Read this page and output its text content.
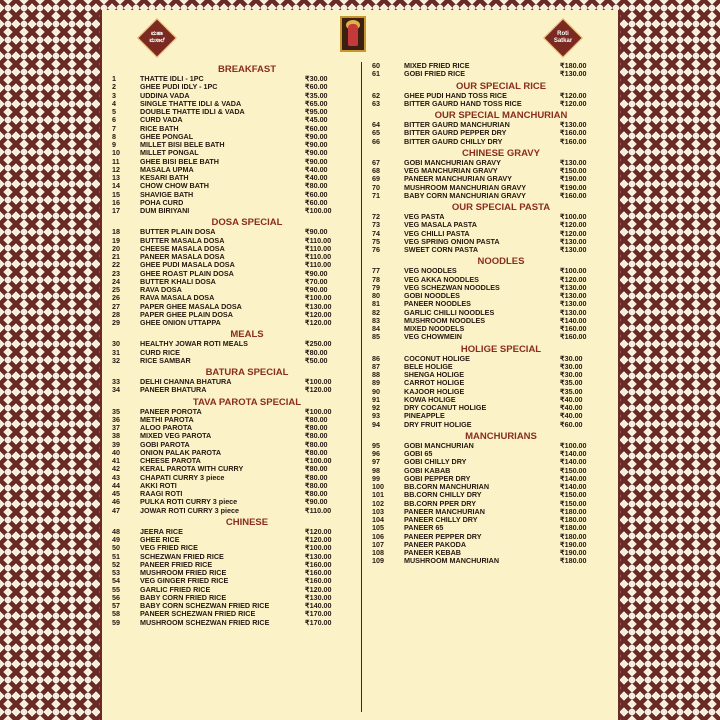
ಮಹಾ ಮಸಾಲೆ
Roti Satkar
BREAKFAST
1	THATTE IDLI - 1PC	₹30.00
2	GHEE PUDI IDLY - 1PC	₹60.00
3	UDDINA VADA	₹35.00
4	SINGLE THATTE IDLI & VADA	₹65.00
5	DOUBLE THATTE IDLI & VADA	₹95.00
6	CURD VADA	₹45.00
7	RICE BATH	₹60.00
8	GHEE PONGAL	₹90.00
9	MILLET BISI BELE BATH	₹90.00
10	MILLET PONGAL	₹90.00
11	GHEE BISI BELE BATH	₹90.00
12	MASALA UPMA	₹40.00
13	KESARI BATH	₹40.00
14	CHOW CHOW BATH	₹80.00
15	SHAVIGE BATH	₹60.00
16	POHA CURD	₹60.00
17	DUM BIRIYANI	₹100.00
DOSA SPECIAL
18	BUTTER PLAIN DOSA	₹90.00
19	BUTTER MASALA DOSA	₹110.00
20	CHEESE MASALA DOSA	₹110.00
21	PANEER MASALA DOSA	₹110.00
22	GHEE PUDI MASALA DOSA	₹110.00
23	GHEE ROAST PLAIN DOSA	₹90.00
24	BUTTER KHALI DOSA	₹70.00
25	RAVA DOSA	₹90.00
26	RAVA MASALA DOSA	₹100.00
27	PAPER GHEE MASALA DOSA	₹130.00
28	PAPER GHEE PLAIN DOSA	₹120.00
29	GHEE ONION UTTAPPA	₹120.00
MEALS
30	HEALTHY JOWAR ROTI MEALS	₹250.00
31	CURD RICE	₹80.00
32	RICE SAMBAR	₹50.00
BATURA SPECIAL
33	DELHI CHANNA BHATURA	₹100.00
34	PANEER BHATURA	₹120.00
TAVA PAROTA SPECIAL
35	PANEER POROTA	₹100.00
36	METHI PAROTA	₹80.00
37	ALOO PAROTA	₹80.00
38	MIXED VEG PAROTA	₹80.00
39	GOBI PAROTA	₹80.00
40	ONION PALAK PAROTA	₹80.00
41	CHEESE PAROTA	₹100.00
42	KERAL PAROTA WITH CURRY	₹80.00
43	CHAPATI CURRY 3 piece	₹80.00
44	AKKI ROTI	₹80.00
45	RAAGI ROTI	₹80.00
46	PULKA ROTI CURRY 3 piece	₹90.00
47	JOWAR ROTI CURRY 3 piece	₹110.00
CHINESE
48	JEERA RICE	₹120.00
49	GHEE RICE	₹120.00
50	VEG FRIED RICE	₹100.00
51	SCHEZWAN FRIED RICE	₹130.00
52	PANEER FRIED RICE	₹160.00
53	MUSHROOM FRIED RICE	₹160.00
54	VEG GINGER FRIED RICE	₹160.00
55	GARLIC FRIED RICE	₹120.00
56	BABY CORN FRIED RICE	₹130.00
57	BABY CORN SCHEZWAN FRIED RICE	₹140.00
58	PANEER SCHEZWAN FRIED RICE	₹170.00
59	MUSHROOM SCHEZWAN FRIED RICE	₹170.00
60	MIXED FRIED RICE	₹180.00
61	GOBI FRIED RICE	₹130.00
OUR SPECIAL RICE
62	GHEE PUDI HAND TOSS RICE	₹120.00
63	BITTER GAURD HAND TOSS RICE	₹120.00
OUR SPECIAL MANCHURIAN
64	BITTER GAURD MANCHURIAN	₹130.00
65	BITTER GAURD PEPPER DRY	₹160.00
66	BITTER GAURD CHILLY DRY	₹160.00
CHINESE GRAVY
67	GOBI MANCHURIAN GRAVY	₹130.00
68	VEG MANCHURIAN GRAVY	₹150.00
69	PANEER MANCHURIAN GRAVY	₹190.00
70	MUSHROOM MANCHURIAN GRAVY	₹190.00
71	BABY CORN MANCHURIAN GRAVY	₹160.00
OUR SPECIAL PASTA
72	VEG PASTA	₹100.00
73	VEG MASALA PASTA	₹120.00
74	VEG CHILLI PASTA	₹120.00
75	VEG SPRING ONION PASTA	₹130.00
76	SWEET CORN PASTA	₹130.00
NOODLES
77	VEG NOODLES	₹100.00
78	VEG AKKA NOODLES	₹120.00
79	VEG SCHEZWAN NOODLES	₹130.00
80	GOBI NOODLES	₹130.00
81	PANEER NOODLES	₹130.00
82	GARLIC CHILLI NOODLES	₹130.00
83	MUSHROOM NOODLES	₹140.00
84	MIXED NOODELS	₹160.00
85	VEG CHOWMEIN	₹160.00
HOLIGE SPECIAL
86	COCONUT HOLIGE	₹30.00
87	BELE HOLIGE	₹30.00
88	SHENGA HOLIGE	₹30.00
89	CARROT HOLIGE	₹35.00
90	KAJOOR HOLIGE	₹35.00
91	KOWA HOLIGE	₹40.00
92	DRY COCANUT HOLIGE	₹40.00
93	PINEAPPLE	₹40.00
94	DRY FRUIT HOLIGE	₹60.00
MANCHURIANS
95	GOBI MANCHURIAN	₹100.00
96	GOBI 65	₹140.00
97	GOBI CHILLY DRY	₹140.00
98	GOBI KABAB	₹150.00
99	GOBI PEPPER DRY	₹140.00
100	BB.CORN MANCHURIAN	₹140.00
101	BB.CORN CHILLY DRY	₹150.00
102	BB.CORN PPER DRY	₹150.00
103	PANEER MANCHURIAN	₹180.00
104	PANEER CHILLY DRY	₹180.00
105	PANEER 65	₹180.00
106	PANEER PEPPER DRY	₹180.00
107	PANEER PAKODA	₹190.00
108	PANEER KEBAB	₹190.00
109	MUSHROOM MANCHURIAN	₹180.00
